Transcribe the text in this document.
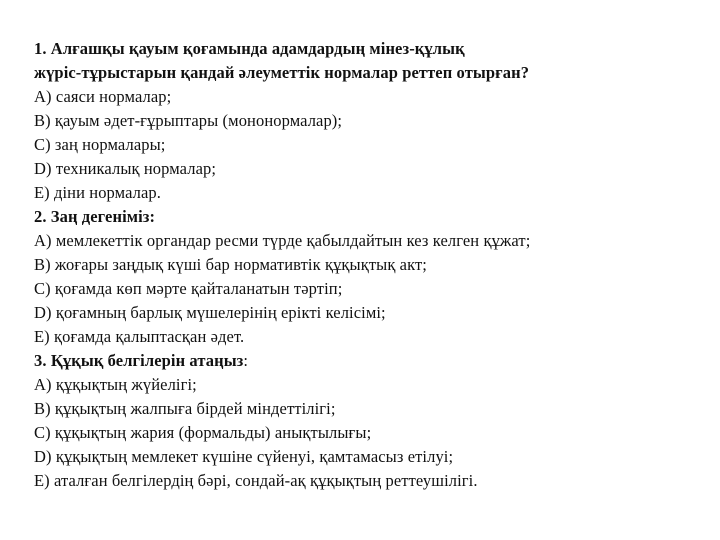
1. Алғашқы қауым қоғамында адамдардың мінез-құлық
жүріс-тұрыстарын қандай әлеуметтік нормалар реттеп отырған?
А) саяси нормалар;
В) қауым әдет-ғұрыптары (мононормалар);
С) заң нормалары;
D) техникалық нормалар;
Е) діни нормалар.
2. Заң дегеніміз:
А) мемлекеттік органдар ресми түрде қабылдайтын кез келген құжат;
В) жоғары заңдық күші бар нормативтік құқықтық акт;
С) қоғамда көп мәрте қайталанатын тәртіп;
D) қоғамның барлық мүшелерінің ерікті келісімі;
Е) қоғамда қалыптасқан әдет.
3. Құқық белгілерін атаңыз:
А) құқықтың жүйелігі;
В) құқықтың жалпыға бірдей міндеттілігі;
С) құқықтың жария (формальды) анықтылығы;
D) құқықтың мемлекет күшіне сүйенуі, қамтамасыз етілуі;
Е) аталған белгілердің бәрі, сондай-ақ құқықтың реттеушілігі.
